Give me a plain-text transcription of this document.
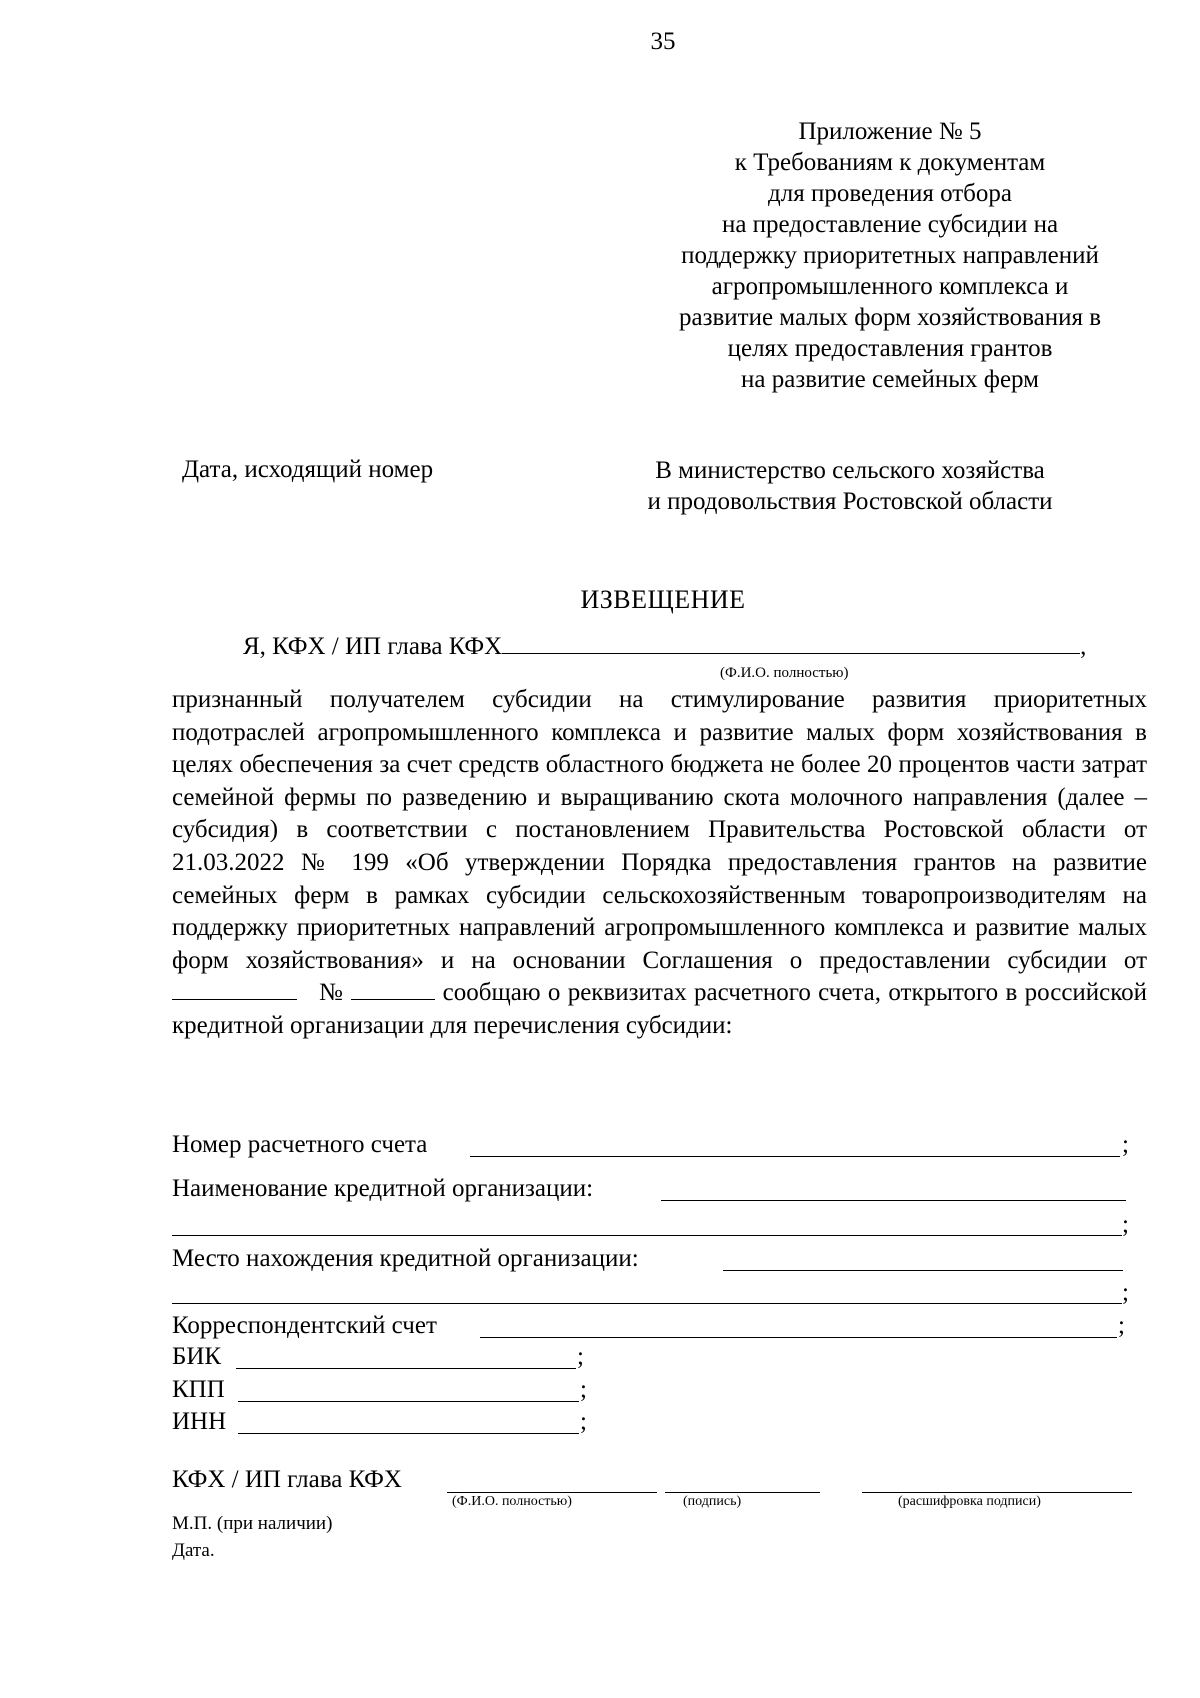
35
Приложение № 5
к Требованиям к документам
для проведения отбора
на предоставление субсидии на
поддержку приоритетных направлений
агропромышленного комплекса и
развитие малых форм хозяйствования в
целях предоставления грантов
на развитие семейных ферм
Дата, исходящий номер	В министерство сельского хозяйства
и продовольствия Ростовской области
ИЗВЕЩЕНИЕ
Я, КФХ / ИП глава КФХ	,
(Ф.И.О. полностью)
признанный получателем субсидии на стимулирование развития приоритетных подотраслей агропромышленного комплекса и развитие малых форм хозяйствования в целях обеспечения за счет средств областного бюджета не более 20 процентов части затрат семейной фермы по разведению и выращиванию скота молочного направления (далее – субсидия) в соответствии с постановлением Правительства Ростовской области от 21.03.2022 № 199 «Об утверждении Порядка предоставления грантов на развитие семейных ферм в рамках субсидии сельскохозяйственным товаропроизводителям на поддержку приоритетных направлений агропромышленного комплекса и развитие малых форм хозяйствования» и на основании Соглашения о предоставлении субсидии от    №	сообщаю о реквизитах расчетного счета, открытого в российской кредитной организации для перечисления субсидии:
Номер расчетного счета	;
Наименование кредитной организации:
;
Место нахождения кредитной организации:
;
Корреспондентский счет	;
БИК	;
КПП	;
ИНН	;
КФХ / ИП глава КФХ
(Ф.И.О. полностью)	(подпись)	(расшифровка подписи)
М.П. (при наличии)
Дата.
